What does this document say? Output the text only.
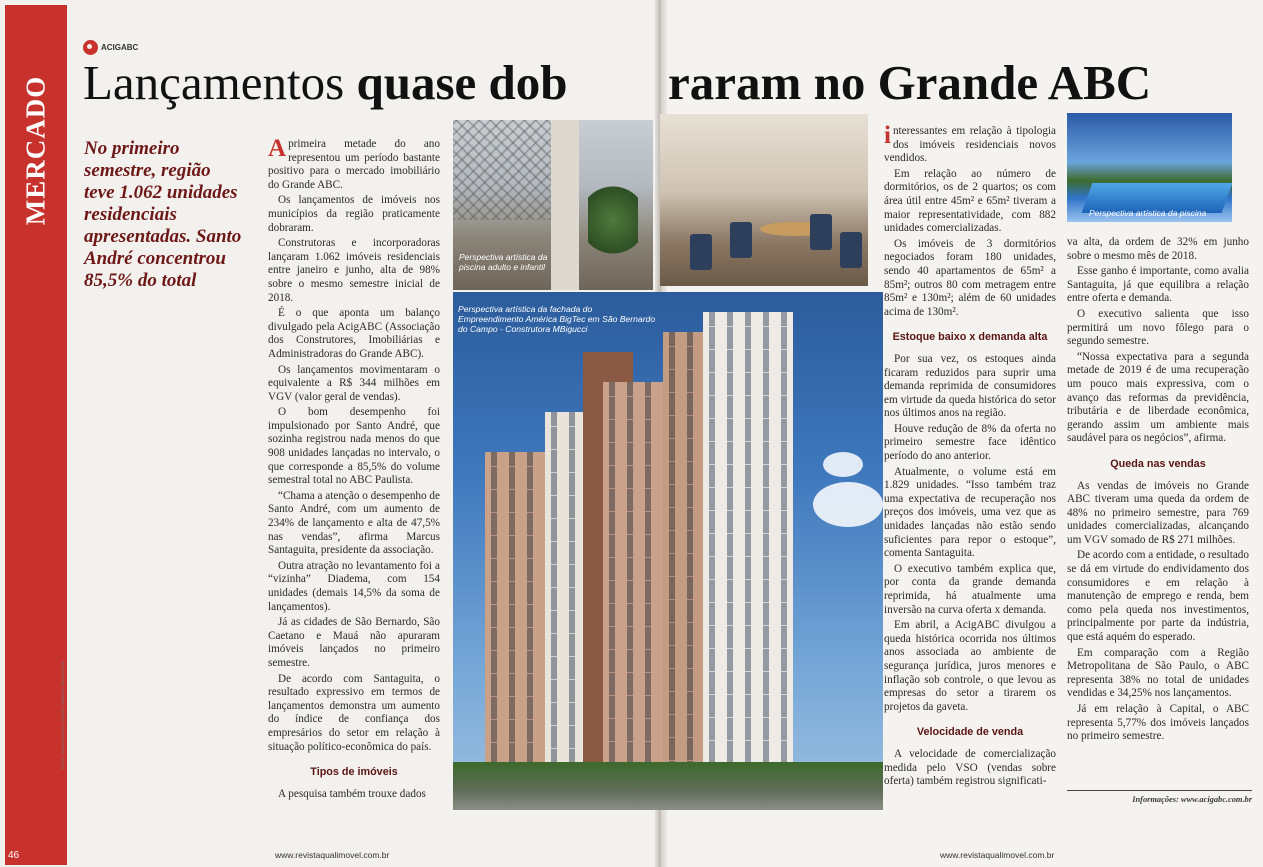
MERCADO
46
TEXTO: JULIANA CRUZ | EDIÇÃO: MARCOS SANTAGUITA
ACIGABC
Lançamentos quase dob raram no Grande ABC
No primeiro semestre, região teve 1.062 unidades residenciais apresentadas. Santo André concentrou 85,5% do total

Aprimeira metade do ano representou um período bastante positivo para o mercado imobiliário do Grande ABC.

Os lançamentos de imóveis nos municípios da região praticamente dobraram.

Construtoras e incorporadoras lançaram 1.062 imóveis residenciais entre janeiro e junho, alta de 98% sobre o mesmo semestre inicial de 2018.

É o que aponta um balanço divulgado pela AcigABC (Associação dos Construtores, Imobiliárias e Administradoras do Grande ABC).

Os lançamentos movimentaram o equivalente a R$ 344 milhões em VGV (valor geral de vendas).

O bom desempenho foi impulsionado por Santo André, que sozinha registrou nada menos do que 908 unidades lançadas no intervalo, o que corresponde a 85,5% do volume semestral total no ABC Paulista.

“Chama a atenção o desempenho de Santo André, com um aumento de 234% de lançamento e alta de 47,5% nas vendas”, afirma Marcus Santaguita, presidente da associação.

Outra atração no levantamento foi a “vizinha” Diadema, com 154 unidades (demais 14,5% da soma de lançamentos).

Já as cidades de São Bernardo, São Caetano e Mauá não apuraram imóveis lançados no primeiro semestre.

De acordo com Santaguita, o resultado expressivo em termos de lançamentos demonstra um aumento do índice de confiança dos empresários do setor em relação à situação político-econômica do país.

Tipos de imóveis

A pesquisa também trouxe dados

Perspectiva artística da piscina adulto e infantil
Perspectiva artística da piscina
Perspectiva artística da fachada do Empreendimento América BigTec em São Bernardo do Campo - Construtora MBigucci

interessantes em relação à tipologia dos imóveis residenciais novos vendidos.

Em relação ao número de dormitórios, os de 2 quartos; os com área útil entre 45m² e 65m² tiveram a maior representatividade, com 882 unidades comercializadas.

Os imóveis de 3 dormitórios negociados foram 180 unidades, sendo 40 apartamentos de 65m² a 85m²; outros 80 com metragem entre 85m² e 130m²; além de 60 unidades acima de 130m².

Estoque baixo x demanda alta

Por sua vez, os estoques ainda ficaram reduzidos para suprir uma demanda reprimida de consumidores em virtude da queda histórica do setor nos últimos anos na região.

Houve redução de 8% da oferta no primeiro semestre face idêntico período do ano anterior.

Atualmente, o volume está em 1.829 unidades. “Isso também traz uma expectativa de recuperação nos preços dos imóveis, uma vez que as unidades lançadas não estão sendo suficientes para repor o estoque”, comenta Santaguita.

O executivo também explica que, por conta da grande demanda reprimida, há atualmente uma inversão na curva oferta x demanda.

Em abril, a AcigABC divulgou a queda histórica ocorrida nos últimos anos associada ao ambiente de segurança jurídica, juros menores e inflação sob controle, o que levou as empresas do setor a tirarem os projetos da gaveta.

Velocidade de venda

A velocidade de comercialização medida pelo VSO (vendas sobre oferta) também registrou significati-

va alta, da ordem de 32% em junho sobre o mesmo mês de 2018.

Esse ganho é importante, como avalia Santaguita, já que equilibra a relação entre oferta e demanda.

O executivo salienta que isso permitirá um novo fôlego para o segundo semestre.

“Nossa expectativa para a segunda metade de 2019 é de uma recuperação um pouco mais expressiva, com o avanço das reformas da previdência, tributária e de liberdade econômica, gerando assim um ambiente mais saudável para os negócios”, afirma.

Queda nas vendas

As vendas de imóveis no Grande ABC tiveram uma queda da ordem de 48% no primeiro semestre, para 769 unidades comercializadas, alcançando um VGV somado de R$ 271 milhões.

De acordo com a entidade, o resultado se dá em virtude do endividamento dos consumidores e em relação à manutenção de emprego e renda, bem como pela queda nos investimentos, principalmente por parte da indústria, que está aquém do esperado.

Em comparação com a Região Metropolitana de São Paulo, o ABC representa 38% no total de unidades vendidas e 34,25% nos lançamentos.

Já em relação à Capital, o ABC representa 5,77% dos imóveis lançados no primeiro semestre.

Informações: www.acigabc.com.br
www.revistaqualimovel.com.br	www.revistaqualimovel.com.br
